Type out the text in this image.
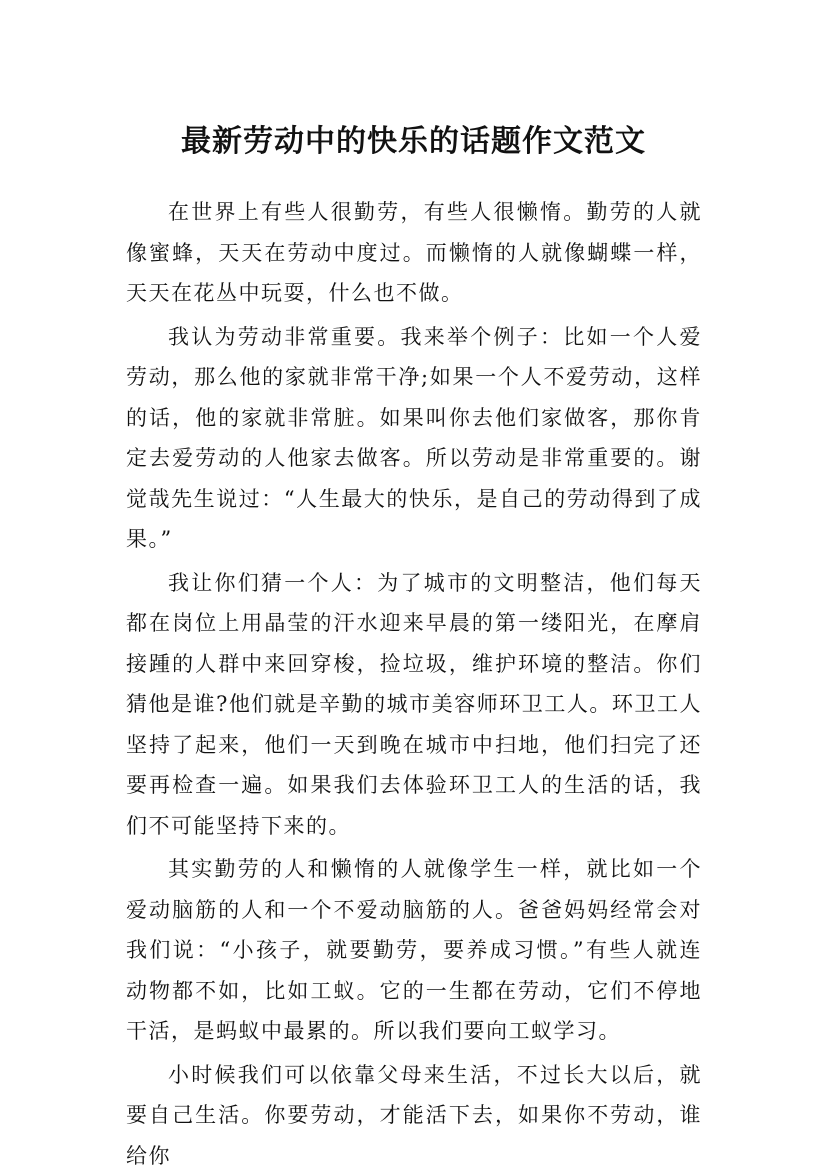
最新劳动中的快乐的话题作文范文

在世界上有些人很勤劳，有些人很懒惰。勤劳的人就像蜜蜂，天天在劳动中度过。而懒惰的人就像蝴蝶一样，天天在花丛中玩耍，什么也不做。

我认为劳动非常重要。我来举个例子：比如一个人爱劳动，那么他的家就非常干净;如果一个人不爱劳动，这样的话，他的家就非常脏。如果叫你去他们家做客，那你肯定去爱劳动的人他家去做客。所以劳动是非常重要的。谢觉哉先生说过：“人生最大的快乐，是自己的劳动得到了成果。”

我让你们猜一个人：为了城市的文明整洁，他们每天都在岗位上用晶莹的汗水迎来早晨的第一缕阳光，在摩肩接踵的人群中来回穿梭，捡垃圾，维护环境的整洁。你们猜他是谁?他们就是辛勤的城市美容师环卫工人。环卫工人坚持了起来，他们一天到晚在城市中扫地，他们扫完了还要再检查一遍。如果我们去体验环卫工人的生活的话，我们不可能坚持下来的。

其实勤劳的人和懒惰的人就像学生一样，就比如一个爱动脑筋的人和一个不爱动脑筋的人。爸爸妈妈经常会对我们说：“小孩子，就要勤劳，要养成习惯。”有些人就连动物都不如，比如工蚁。它的一生都在劳动，它们不停地干活，是蚂蚁中最累的。所以我们要向工蚁学习。

小时候我们可以依靠父母来生活，不过长大以后，就要自己生活。你要劳动，才能活下去，如果你不劳动，谁给你
